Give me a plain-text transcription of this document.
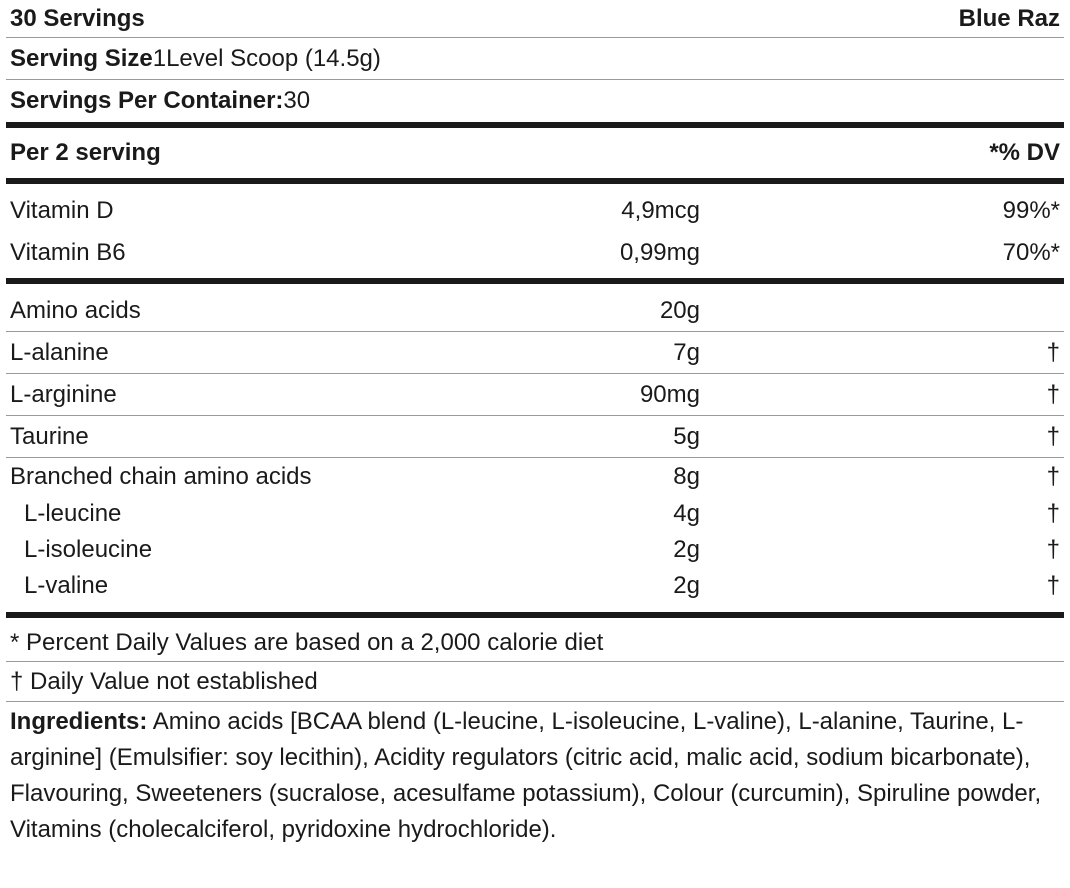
30 Servings	Blue Raz
Serving Size 1Level Scoop (14.5g)
Servings Per Container: 30
Per 2 serving	*% DV
Vitamin D	4,9mcg	99%*
Vitamin B6	0,99mg	70%*
Amino acids	20g
L-alanine	7g	†
L-arginine	90mg	†
Taurine	5g	†
Branched chain amino acids	8g	†
L-leucine	4g	†
L-isoleucine	2g	†
L-valine	2g	†
* Percent Daily Values are based on a 2,000 calorie diet
† Daily Value not established
Ingredients: Amino acids [BCAA blend (L-leucine, L-isoleucine, L-valine), L-alanine, Taurine, L-arginine] (Emulsifier: soy lecithin), Acidity regulators (citric acid, malic acid, sodium bicarbonate), Flavouring, Sweeteners (sucralose, acesulfame potassium), Colour (curcumin), Spiruline powder, Vitamins (cholecalciferol, pyridoxine hydrochloride).
